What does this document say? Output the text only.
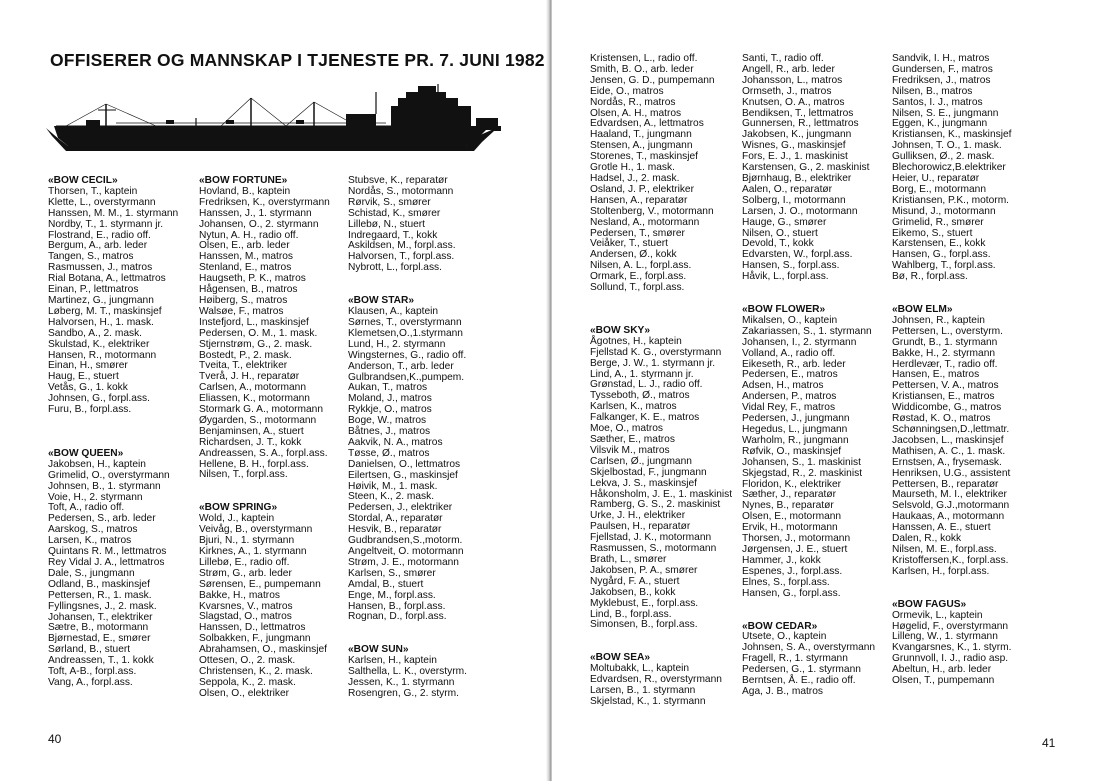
OFFISERER OG MANNSKAP I TJENESTE PR. 7. JUNI 1982
«BOW CECIL»
Thorsen, T., kaptein
Klette, L., overstyrmann
Hanssen, M. M., 1. styrmann
Nordby, T., 1. styrmann jr.
Flostrand, E., radio off.
Bergum, A., arb. leder
Tangen, S., matros
Rasmussen, J., matros
Rial Botana, A., lettmatros
Einan, P., lettmatros
Martinez, G., jungmann
Løberg, M. T., maskinsjef
Halvorsen, H., 1. mask.
Sandbo, A., 2. mask.
Skulstad, K., elektriker
Hansen, R., motormann
Einan, H., smører
Haug, E., stuert
Vetås, G., 1. kokk
Johnsen, G., forpl.ass.
Furu, B., forpl.ass.
«BOW QUEEN»
Jakobsen, H., kaptein
Grimelid, O., overstyrmann
Johnsen, B., 1. styrmann
Voie, H., 2. styrmann
Toft, A., radio off.
Pedersen, S., arb. leder
Aarskog, S., matros
Larsen, K., matros
Quintans R. M., lettmatros
Rey Vidal J. A., lettmatros
Dale, S., jungmann
Odland, B., maskinsjef
Pettersen, R., 1. mask.
Fyllingsnes, J., 2. mask.
Johansen, T., elektriker
Sætre, B., motormann
Bjørnestad, E., smører
Sørland, B., stuert
Andreassen, T., 1. kokk
Toft, A-B., forpl.ass.
Vang, A., forpl.ass.
«BOW FORTUNE»
Hovland, B., kaptein
Fredriksen, K., overstyrmann
Hanssen, J., 1. styrmann
Johansen, O., 2. styrmann
Nytun, A. H., radio off.
Olsen, E., arb. leder
Hanssen, M., matros
Stenland, E., matros
Haugseth, P. K., matros
Hågensen, B., matros
Høiberg, S., matros
Walsøe, F., matros
Instefjord, L., maskinsjef
Pedersen, O. M., 1. mask.
Stjernstrøm, G., 2. mask.
Bostedt, P., 2. mask.
Tveita, T., elektriker
Tverå, J. H., reparatør
Carlsen, A., motormann
Eliassen, K., motormann
Stormark G. A., motormann
Øygarden, S., motormann
Benjaminsen, A., stuert
Richardsen, J. T., kokk
Andreassen, S. A., forpl.ass.
Hellene, B. H., forpl.ass.
Nilsen, T., forpl.ass.
«BOW SPRING»
Wold, J., kaptein
Veivåg, B., overstyrmann
Bjuri, N., 1. styrmann
Kirknes, A., 1. styrmann
Lillebø, E., radio off.
Strøm, G., arb. leder
Sørensen, E., pumpemann
Bakke, H., matros
Kvarsnes, V., matros
Slagstad, O., matros
Hanssen, D., lettmatros
Solbakken, F., jungmann
Abrahamsen, O., maskinsjef
Ottesen, O., 2. mask.
Christensen, K., 2. mask.
Seppola, K., 2. mask.
Olsen, O., elektriker
Stubsve, K., reparatør
Nordås, S., motormann
Rørvik, S., smører
Schistad, K., smører
Lillebø, N., stuert
Indregaard, T., kokk
Askildsen, M., forpl.ass.
Halvorsen, T., forpl.ass.
Nybrott, L., forpl.ass.
«BOW STAR»
Klausen, A., kaptein
Sørnes, T., overstyrmann
Klemetsen,O.,1.styrmann
Lund, H., 2. styrmann
Wingsternes, G., radio off.
Anderson, T., arb. leder
Gulbrandsen,K.,pumpem.
Aukan, T., matros
Moland, J., matros
Rykkje, O., matros
Boge, W., matros
Båtnes, J., matros
Aakvik, N. A., matros
Tøsse, Ø., matros
Danielsen, O., lettmatros
Eilertsen, G., maskinsjef
Høivik, M., 1. mask.
Steen, K., 2. mask.
Pedersen, J., elektriker
Stordal, A., reparatør
Hesvik, B., reparatør
Gudbrandsen,S.,motorm.
Angeltveit, O. motormann
Strøm, J. E., motormann
Karlsen, S., smører
Amdal, B., stuert
Enge, M., forpl.ass.
Hansen, B., forpl.ass.
Rognan, D., forpl.ass.
«BOW SUN»
Karlsen, H., kaptein
Salthella, L. K., overstyrm.
Jessen, K., 1. styrmann
Rosengren, G., 2. styrm.
40
Kristensen, L., radio off.
Smith, B. O., arb. leder
Jensen, G. D., pumpemann
Eide, O., matros
Nordås, R., matros
Olsen, A. H., matros
Edvardsen, A., lettmatros
Haaland, T., jungmann
Stensen, A., jungmann
Storenes, T., maskinsjef
Grotle H., 1. mask.
Hadsel, J., 2. mask.
Osland, J. P., elektriker
Hansen, A., reparatør
Stoltenberg, V., motormann
Nesland, A., motormann
Pedersen, T., smører
Veiåker, T., stuert
Andersen, Ø., kokk
Nilsen, A. L., forpl.ass.
Ormark, E., forpl.ass.
Sollund, T., forpl.ass.
«BOW SKY»
Ågotnes, H., kaptein
Fjellstad K. G., overstyrmann
Berge, J. W., 1. styrmann jr.
Lind, A., 1. styrmann jr.
Grønstad, L. J., radio off.
Tysseboth, Ø., matros
Karlsen, K., matros
Falkanger, K. E., matros
Moe, O., matros
Sæther, E., matros
Vilsvik M., matros
Carlsen, Ø., jungmann
Skjelbostad, F., jungmann
Lekva, J. S., maskinsjef
Håkonsholm, J. E., 1. maskinist
Ramberg, G. S., 2. maskinist
Urke, J. H., elektriker
Paulsen, H., reparatør
Fjellstad, J. K., motormann
Rasmussen, S., motormann
Brath, L., smører
Jakobsen, P. A., smører
Nygård, F. A., stuert
Jakobsen, B., kokk
Myklebust, E., forpl.ass.
Lind, B., forpl.ass.
Simonsen, B., forpl.ass.
«BOW SEA»
Moltubakk, L., kaptein
Edvardsen, R., overstyrmann
Larsen, B., 1. styrmann
Skjelstad, K., 1. styrmann
Santi, T., radio off.
Angell, R., arb. leder
Johansson, L., matros
Ormseth, J., matros
Knutsen, O. A., matros
Bendiksen, T., lettmatros
Gunnersen, R., lettmatros
Jakobsen, K., jungmann
Wisnes, G., maskinsjef
Fors, E. J., 1. maskinist
Karstensen, G., 2. maskinist
Bjørnhaug, B., elektriker
Aalen, O., reparatør
Solberg, I., motormann
Larsen, J. O., motormann
Hauge, G., smører
Nilsen, O., stuert
Devold, T., kokk
Edvarsten, W., forpl.ass.
Hansen, S., forpl.ass.
Håvik, L., forpl.ass.
«BOW FLOWER»
Mikalsen, O., kaptein
Zakariassen, S., 1. styrmann
Johansen, I., 2. styrmann
Volland, A., radio off.
Eikeseth, R., arb. leder
Pedersen, E., matros
Adsen, H., matros
Andersen, P., matros
Vidal Rey, F., matros
Pedersen, J., jungmann
Hegedus, L., jungmann
Warholm, R., jungmann
Røfvik, O., maskinsjef
Johansen, S., 1. maskinist
Skjegstad, R., 2. maskinist
Floridon, K., elektriker
Sæther, J., reparatør
Nynes, B., reparatør
Olsen, E., motormann
Ervik, H., motormann
Thorsen, J., motormann
Jørgensen, J. E., stuert
Hammer, J., kokk
Espenes, J., forpl.ass.
Elnes, S., forpl.ass.
Hansen, G., forpl.ass.
«BOW CEDAR»
Utsete, O., kaptein
Johnsen, S. A., overstyrmann
Fragell, R., 1. styrmann
Pedersen, G., 1. styrmann
Berntsen, Å. E., radio off.
Aga, J. B., matros
Sandvik, I. H., matros
Gundersen, F., matros
Fredriksen, J., matros
Nilsen, B., matros
Santos, I. J., matros
Nilsen, S. E., jungmann
Eggen, K., jungmann
Kristiansen, K., maskinsjef
Johnsen, T. O., 1. mask.
Gulliksen, Ø., 2. mask.
Blechorowicz,B.elektriker
Heier, U., reparatør
Borg, E., motormann
Kristiansen, P.K., motorm.
Misund, J., motormann
Grimelid, R., smører
Eikemo, S., stuert
Karstensen, E., kokk
Hansen, G., forpl.ass.
Wahlberg, T., forpl.ass.
Bø, R., forpl.ass.
«BOW ELM»
Johnsen, R., kaptein
Pettersen, L., overstyrm.
Grundt, B., 1. styrmann
Bakke, H., 2. styrmann
Herdlevær, T., radio off.
Hansen, E., matros
Pettersen, V. A., matros
Kristiansen, E., matros
Widdicombe, G., matros
Røstad, K. O., matros
Schønningsen,D.,lettmatr.
Jacobsen, L., maskinsjef
Mathisen, A. C., 1. mask.
Ernstsen, A., frysemask.
Henriksen, U.G., assistent
Pettersen, B., reparatør
Maurseth, M. I., elektriker
Selsvold, G.J.,motormann
Haukaas, A., motormann
Hanssen, A. E., stuert
Dalen, R., kokk
Nilsen, M. E., forpl.ass.
Kristoffersen,K., forpl.ass.
Karlsen, H., forpl.ass.
«BOW FAGUS»
Ormevik, L., kaptein
Høgelid, F., overstyrmann
Lilleng, W., 1. styrmann
Kvangarsnes, K., 1. styrm.
Grunnvoll, I. J., radio asp.
Abeltun, H., arb. leder
Olsen, T., pumpemann
41
